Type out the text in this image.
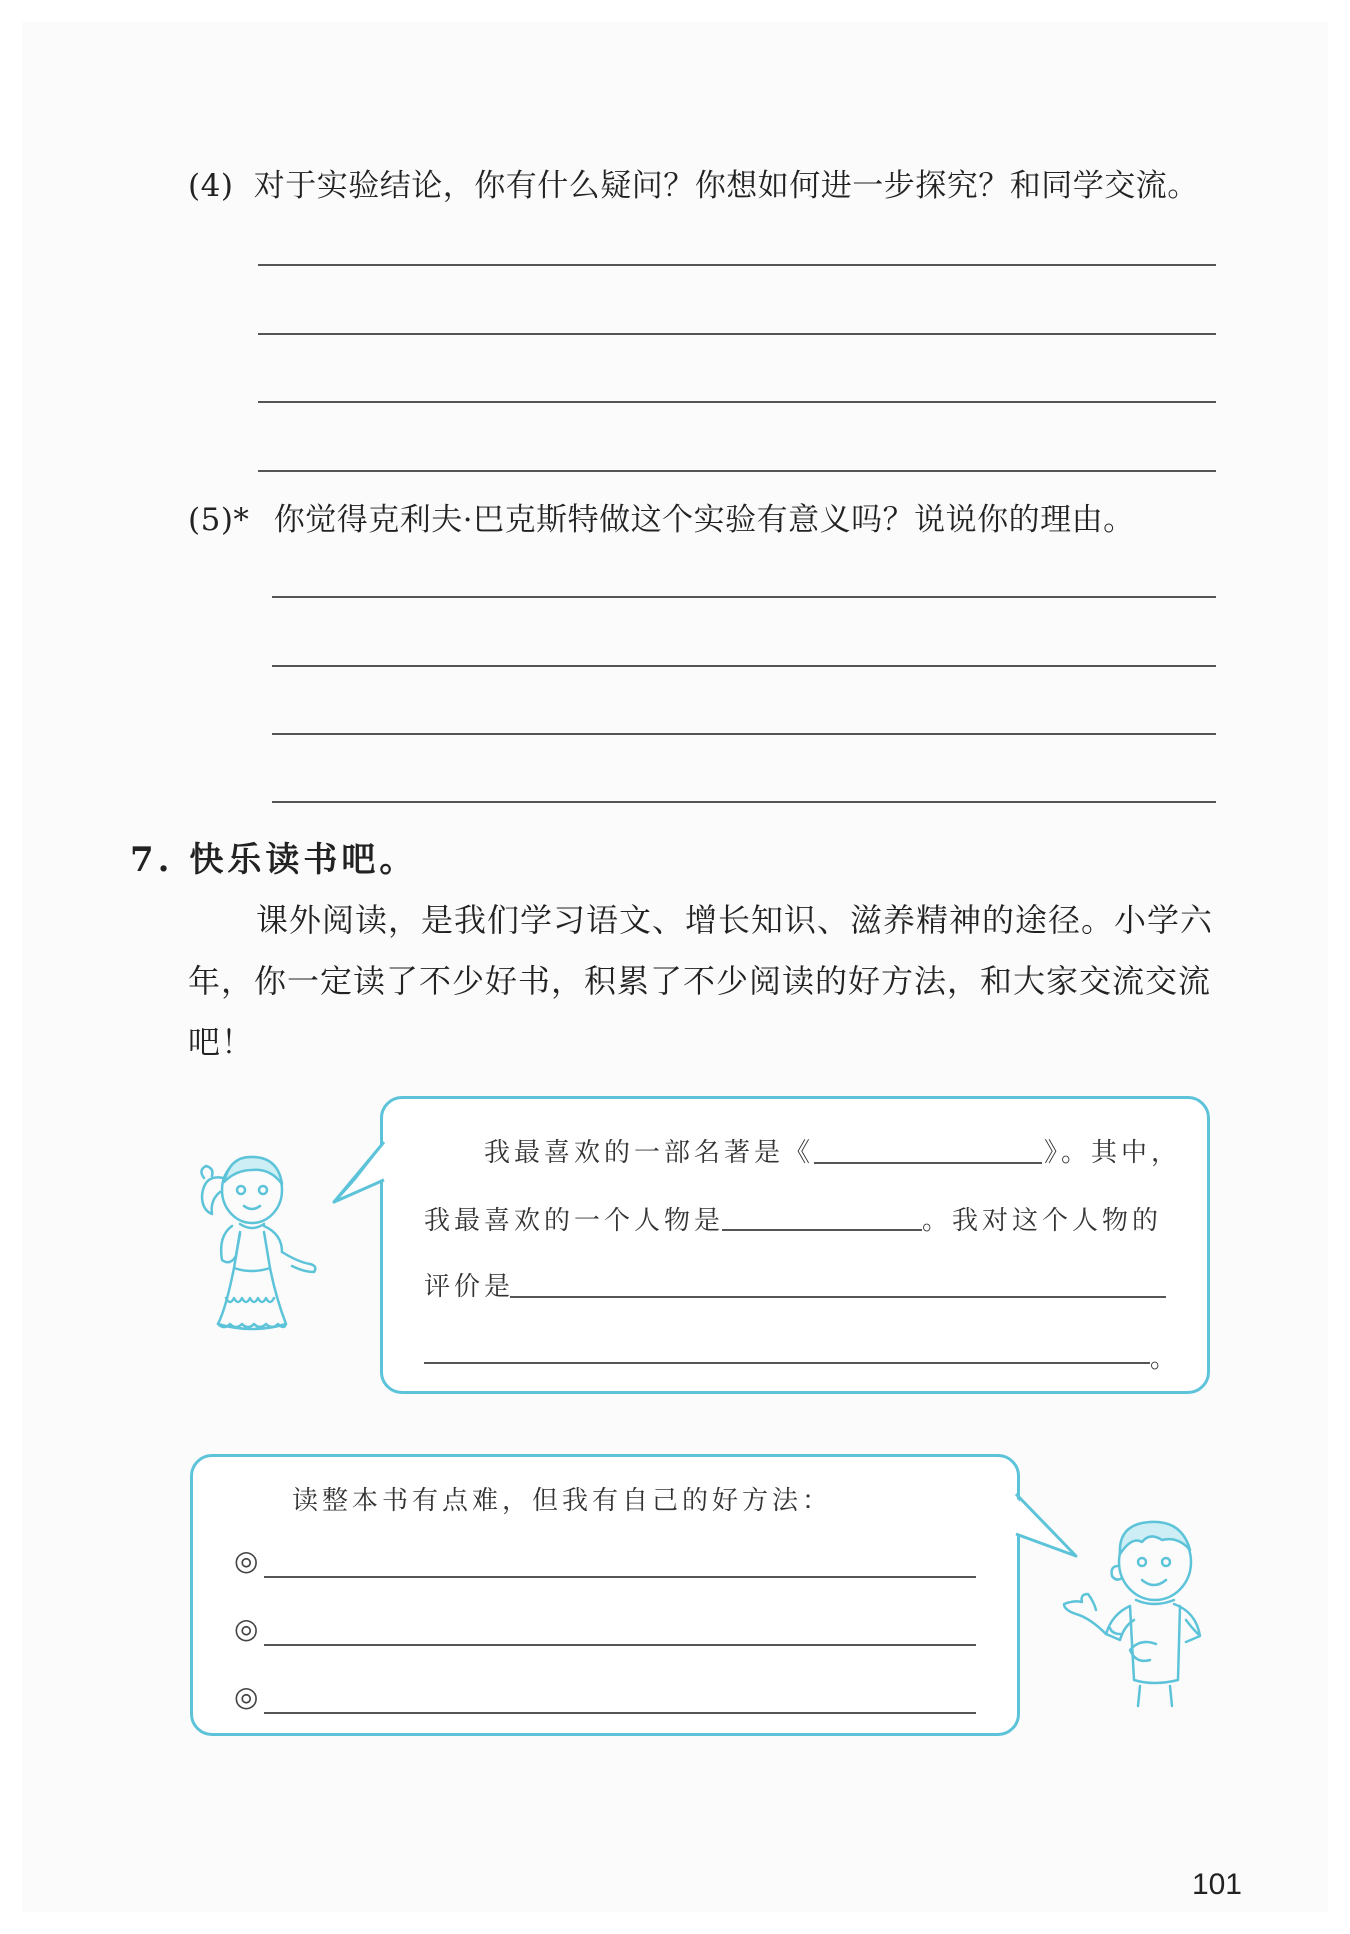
(4) 对于实验结论，你有什么疑问？你想如何进一步探究？和同学交流。
(5)* 你觉得克利夫·巴克斯特做这个实验有意义吗？说说你的理由。
7. 快乐读书吧。
课外阅读，是我们学习语文、增长知识、滋养精神的途径。小学六年，你一定读了不少好书，积累了不少阅读的好方法，和大家交流交流吧！
我最喜欢的一部名著是《	》。其中，
我最喜欢的一个人物是	。我对这个人物的
评价是
。
读整本书有点难，但我有自己的好方法：
◎
◎
◎
101
